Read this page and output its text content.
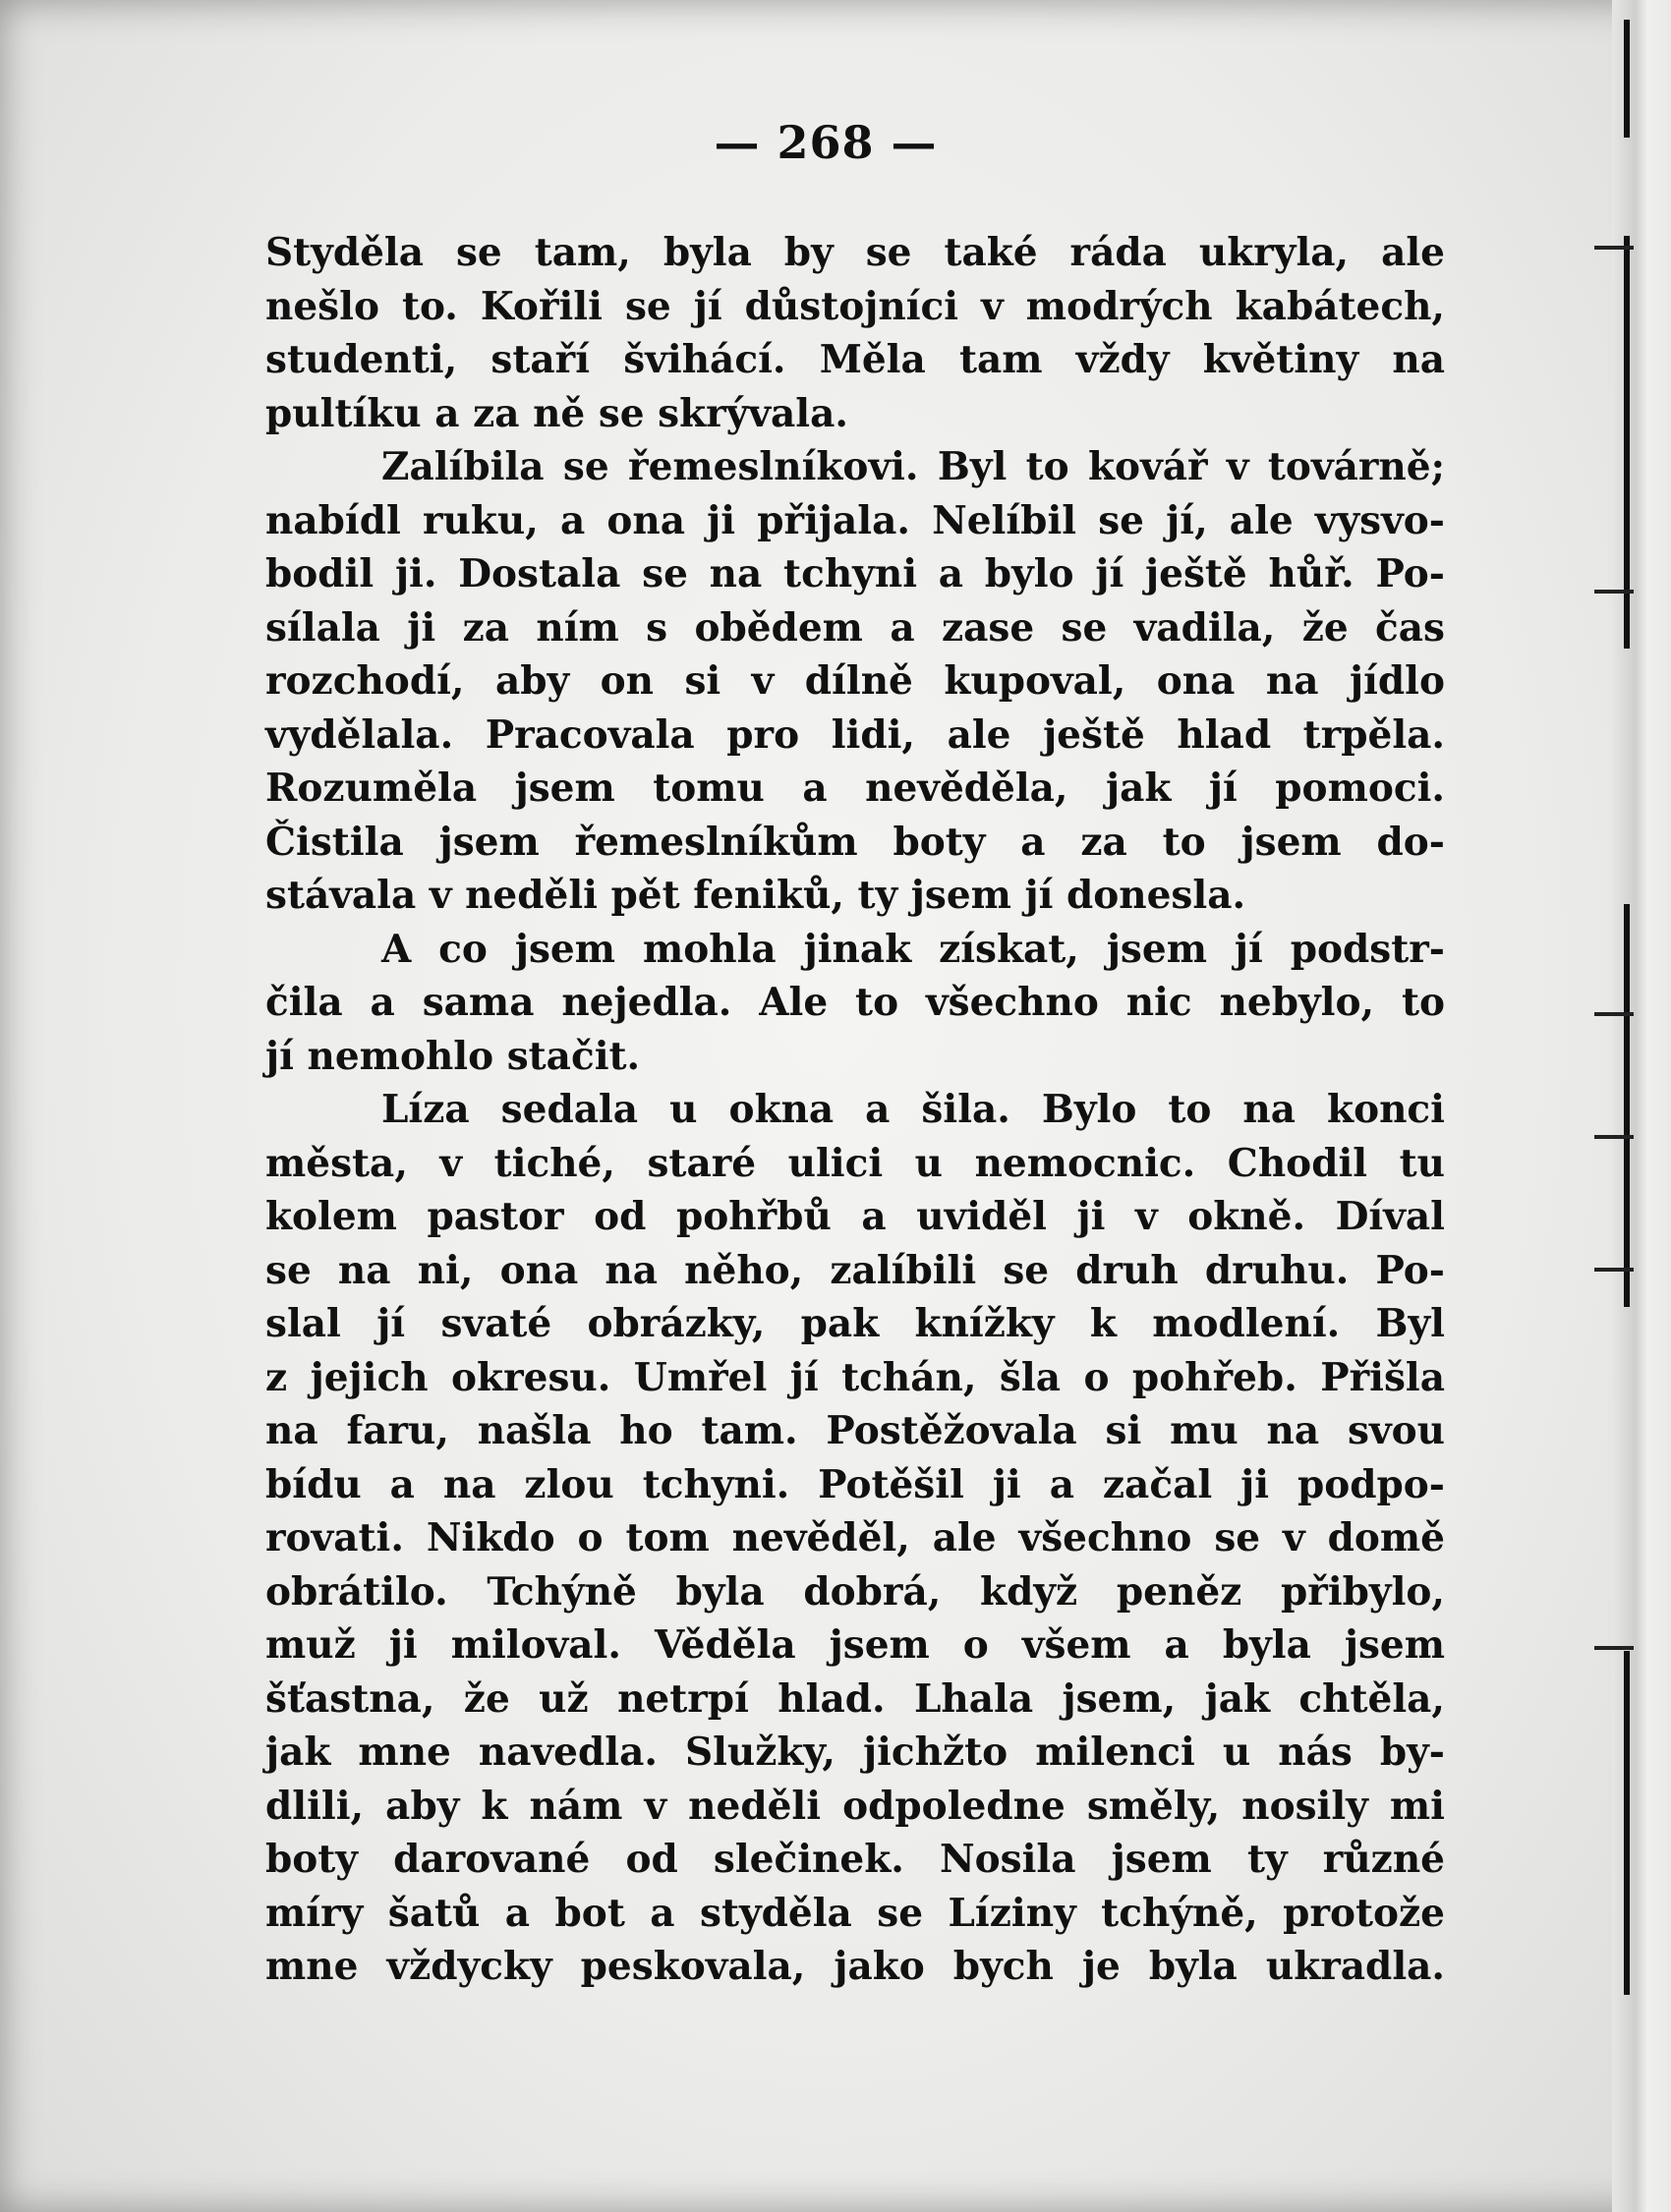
— 268 —
Styděla se tam, byla by se také ráda ukryla, ale
nešlo to. Kořili se jí důstojníci v modrých kabátech,
studenti, staří švihácí. Měla tam vždy květiny na
pultíku a za ně se skrývala.
Zalíbila se řemeslníkovi. Byl to kovář v továrně;
nabídl ruku, a ona ji přijala. Nelíbil se jí, ale vysvo-
bodil ji. Dostala se na tchyni a bylo jí ještě hůř. Po-
sílala ji za ním s obědem a zase se vadila, že čas
rozchodí, aby on si v dílně kupoval, ona na jídlo
vydělala. Pracovala pro lidi, ale ještě hlad trpěla.
Rozuměla jsem tomu a nevěděla, jak jí pomoci.
Čistila jsem řemeslníkům boty a za to jsem do-
stávala v neděli pět feniků, ty jsem jí donesla.
A co jsem mohla jinak získat, jsem jí podstr-
čila a sama nejedla. Ale to všechno nic nebylo, to
jí nemohlo stačit.
Líza sedala u okna a šila. Bylo to na konci
města, v tiché, staré ulici u nemocnic. Chodil tu
kolem pastor od pohřbů a uviděl ji v okně. Díval
se na ni, ona na něho, zalíbili se druh druhu. Po-
slal jí svaté obrázky, pak knížky k modlení. Byl
z jejich okresu. Umřel jí tchán, šla o pohřeb. Přišla
na faru, našla ho tam. Postěžovala si mu na svou
bídu a na zlou tchyni. Potěšil ji a začal ji podpo-
rovati. Nikdo o tom nevěděl, ale všechno se v domě
obrátilo. Tchýně byla dobrá, když peněz přibylo,
muž ji miloval. Věděla jsem o všem a byla jsem
šťastna, že už netrpí hlad. Lhala jsem, jak chtěla,
jak mne navedla. Služky, jichžto milenci u nás by-
dlili, aby k nám v neděli odpoledne směly, nosily mi
boty darované od slečinek. Nosila jsem ty různé
míry šatů a bot a styděla se Líziny tchýně, protože
mne vždycky peskovala, jako bych je byla ukradla.
